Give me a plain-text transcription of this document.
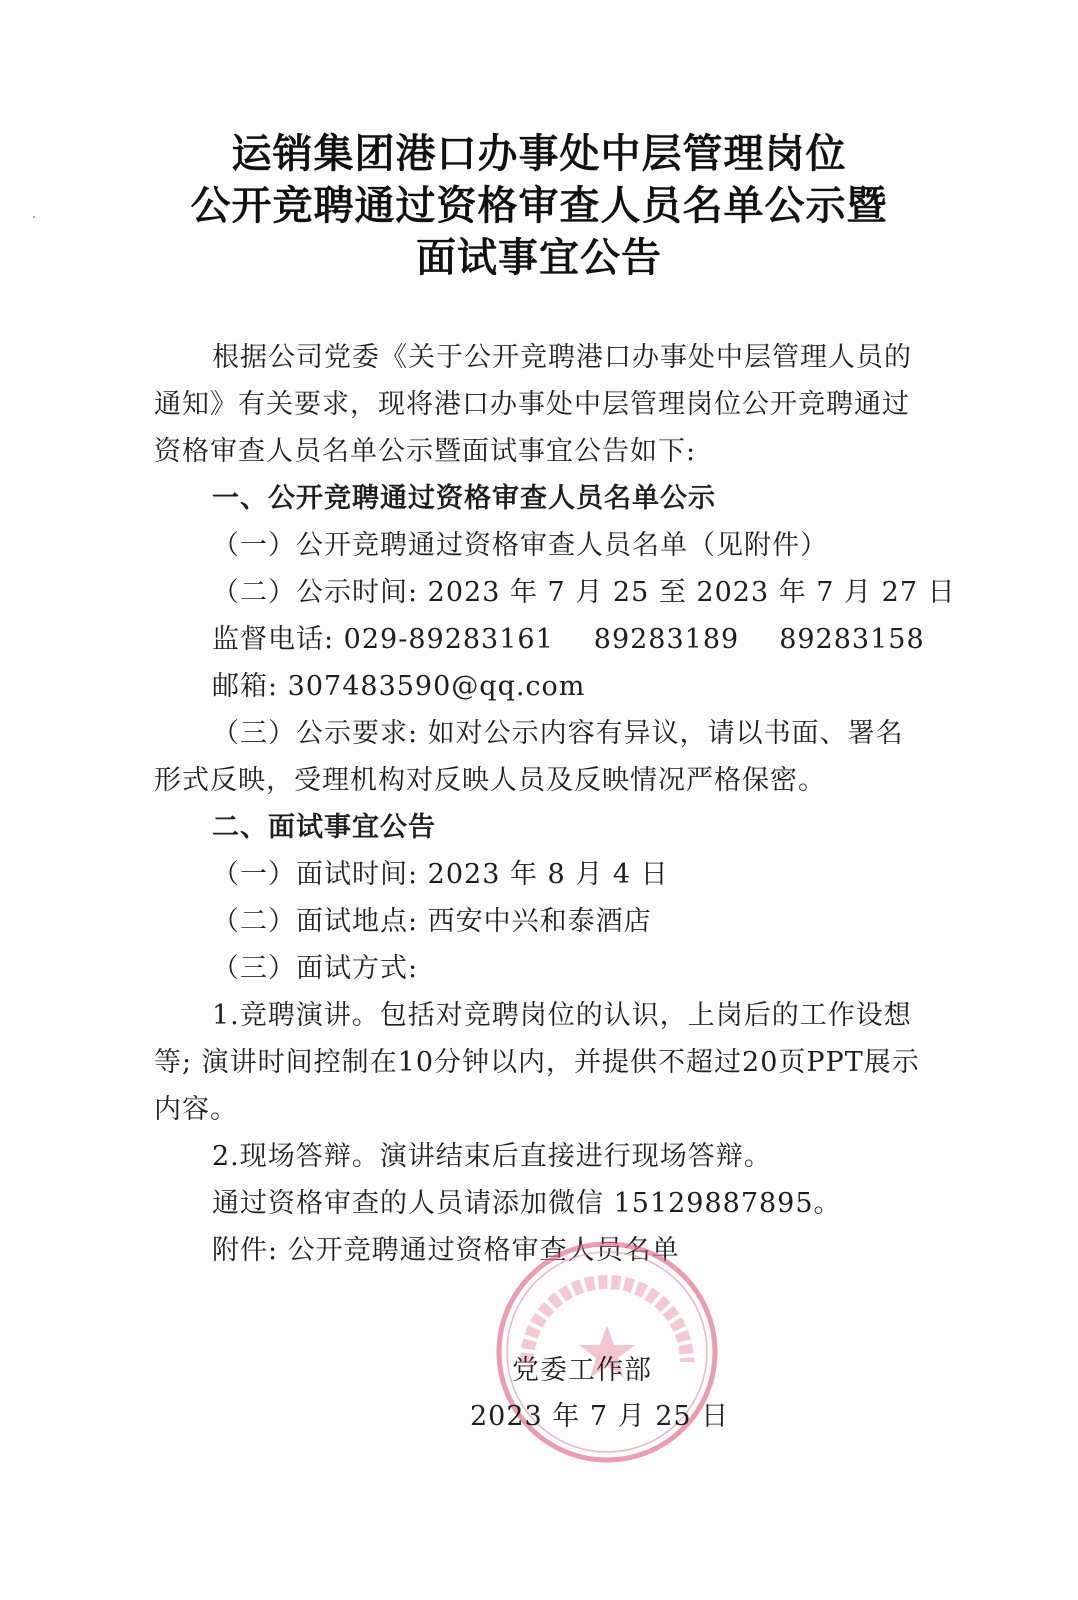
运销集团港口办事处中层管理岗位
公开竞聘通过资格审查人员名单公示暨
面试事宜公告

根据公司党委《关于公开竞聘港口办事处中层管理人员的通知》有关要求，现将港口办事处中层管理岗位公开竞聘通过资格审查人员名单公示暨面试事宜公告如下:

一、公开竞聘通过资格审查人员名单公示

（一）公开竞聘通过资格审查人员名单（见附件）

（二）公示时间: 2023 年 7 月 25 至 2023 年 7 月 27 日

监督电话: 029-89283161 89283189 89283158

邮箱: 307483590@qq.com

（三）公示要求: 如对公示内容有异议，请以书面、署名形式反映，受理机构对反映人员及反映情况严格保密。

二、面试事宜公告

（一）面试时间: 2023 年 8 月 4 日

（二）面试地点: 西安中兴和泰酒店

（三）面试方式:

1.竞聘演讲。包括对竞聘岗位的认识，上岗后的工作设想等; 演讲时间控制在10分钟以内，并提供不超过20页PPT展示内容。

2.现场答辩。演讲结束后直接进行现场答辩。

通过资格审查的人员请添加微信 15129887895。

附件: 公开竞聘通过资格审查人员名单

党委工作部
2023 年 7 月 25 日
